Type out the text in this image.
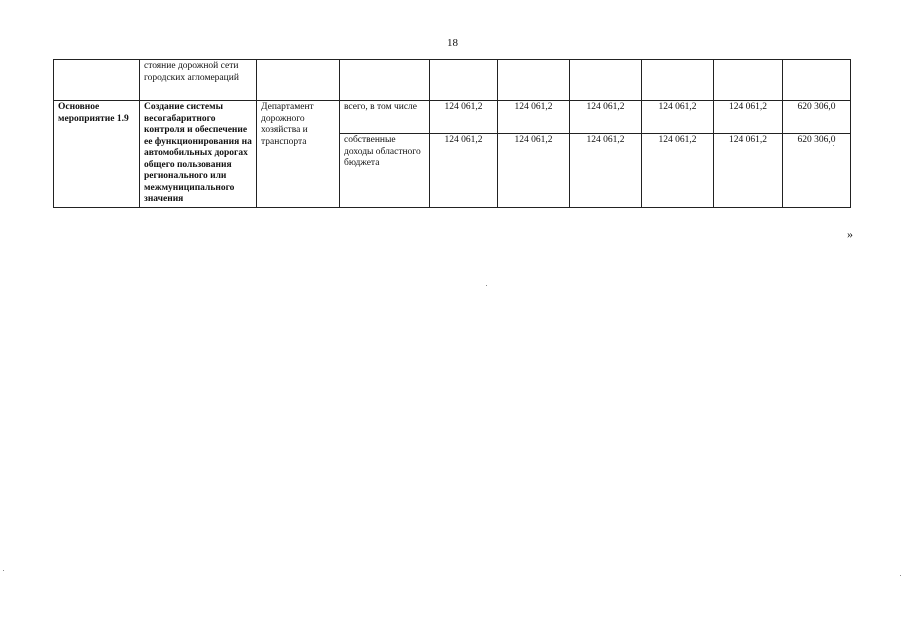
18
	стояние дорожной сети городских агломераций								
Основное мероприятие 1.9	Создание системы весогабаритного контроля и обеспечение ее функционирования на автомобильных дорогах общего пользования регионального или межмуниципального значения	Департамент дорожного хозяйства и транспорта	всего, в том числе	124 061,2	124 061,2	124 061,2	124 061,2	124 061,2	620 306,0
			собственные доходы областного бюджета	124 061,2	124 061,2	124 061,2	124 061,2	124 061,2	620 306,0
»
